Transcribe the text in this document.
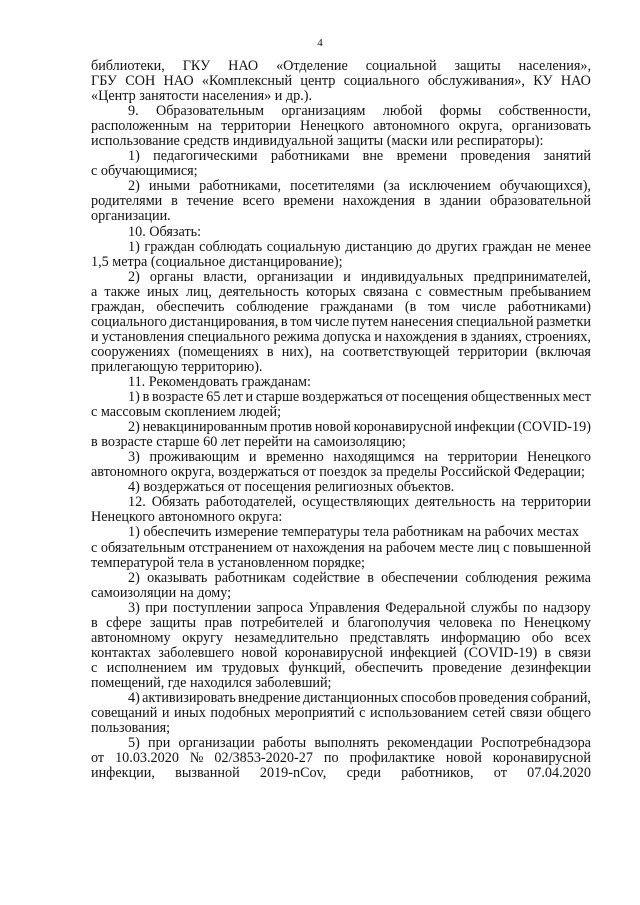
4
библиотеки, ГКУ НАО «Отделение социальной защиты населения»,
ГБУ СОН НАО «Комплексный центр социального обслуживания», КУ НАО
«Центр занятости населения» и др.).
9. Образовательным организациям любой формы собственности,
расположенным на территории Ненецкого автономного округа, организовать
использование средств индивидуальной защиты (маски или респираторы):
1) педагогическими работниками вне времени проведения занятий
с обучающимися;
2) иными работниками, посетителями (за исключением обучающихся),
родителями в течение всего времени нахождения в здании образовательной
организации.
10. Обязать:
1) граждан соблюдать социальную дистанцию до других граждан не менее
1,5 метра (социальное дистанцирование);
2) органы власти, организации и индивидуальных предпринимателей,
а также иных лиц, деятельность которых связана с совместным пребыванием
граждан, обеспечить соблюдение гражданами (в том числе работниками)
социального дистанцирования, в том числе путем нанесения специальной разметки
и установления специального режима допуска и нахождения в зданиях, строениях,
сооружениях (помещениях в них), на соответствующей территории (включая
прилегающую территорию).
11. Рекомендовать гражданам:
1) в возрасте 65 лет и старше воздержаться от посещения общественных мест
с массовым скоплением людей;
2) невакцинированным против новой коронавирусной инфекции (COVID-19)
в возрасте старше 60 лет перейти на самоизоляцию;
3) проживающим и временно находящимся на территории Ненецкого
автономного округа, воздержаться от поездок за пределы Российской Федерации;
4) воздержаться от посещения религиозных объектов.
12. Обязать работодателей, осуществляющих деятельность на территории
Ненецкого автономного округа:
1) обеспечить измерение температуры тела работникам на рабочих местах
с обязательным отстранением от нахождения на рабочем месте лиц с повышенной
температурой тела в установленном порядке;
2) оказывать работникам содействие в обеспечении соблюдения режима
самоизоляции на дому;
3) при поступлении запроса Управления Федеральной службы по надзору
в сфере защиты прав потребителей и благополучия человека по Ненецкому
автономному округу незамедлительно представлять информацию обо всех
контактах заболевшего новой коронавирусной инфекцией (COVID-19) в связи
с исполнением им трудовых функций, обеспечить проведение дезинфекции
помещений, где находился заболевший;
4) активизировать внедрение дистанционных способов проведения собраний,
совещаний и иных подобных мероприятий с использованием сетей связи общего
пользования;
5) при организации работы выполнять рекомендации Роспотребнадзора
от 10.03.2020 № 02/3853-2020-27 по профилактике новой коронавирусной
инфекции, вызванной 2019-nCov, среди работников, от 07.04.2020
